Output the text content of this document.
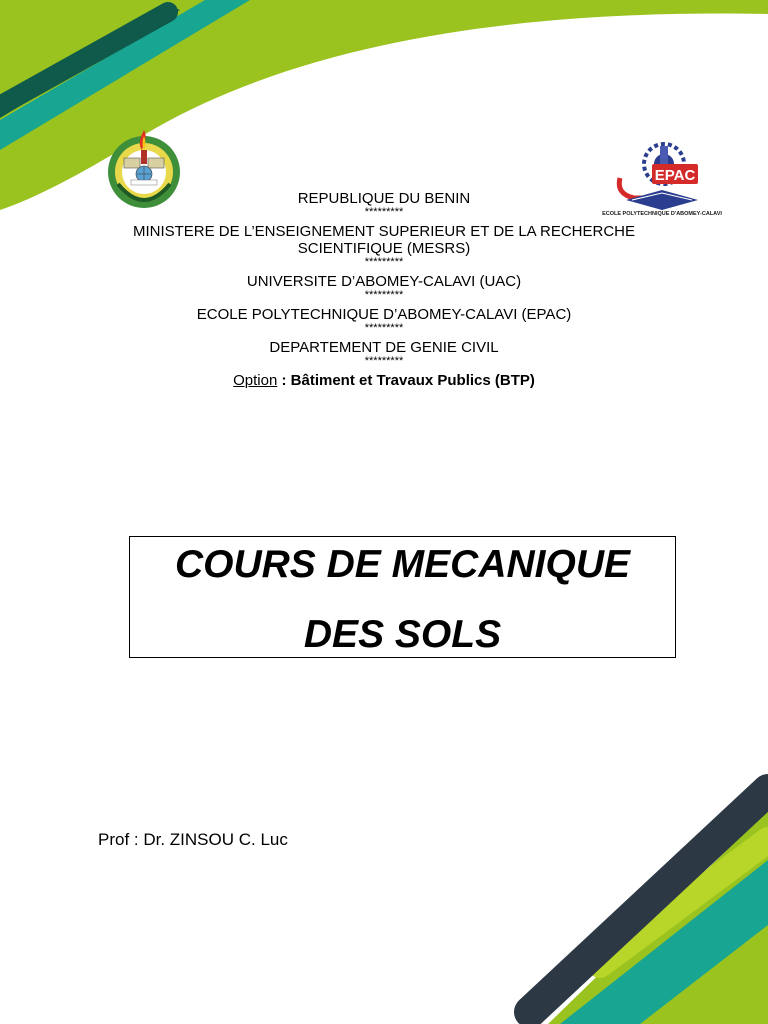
EPAC
ECOLE POLYTECHNIQUE D'ABOMEY-CALAVI

REPUBLIQUE DU BENIN

*********

MINISTERE DE L’ENSEIGNEMENT SUPERIEUR ET DE LA RECHERCHE SCIENTIFIQUE (MESRS)

*********

UNIVERSITE D’ABOMEY-CALAVI (UAC)

*********

ECOLE POLYTECHNIQUE D’ABOMEY-CALAVI (EPAC)

*********

DEPARTEMENT DE GENIE CIVIL

*********

Option : Bâtiment et Travaux Publics (BTP)

COURS DE MECANIQUE

DES SOLS

Prof : Dr. ZINSOU C. Luc
